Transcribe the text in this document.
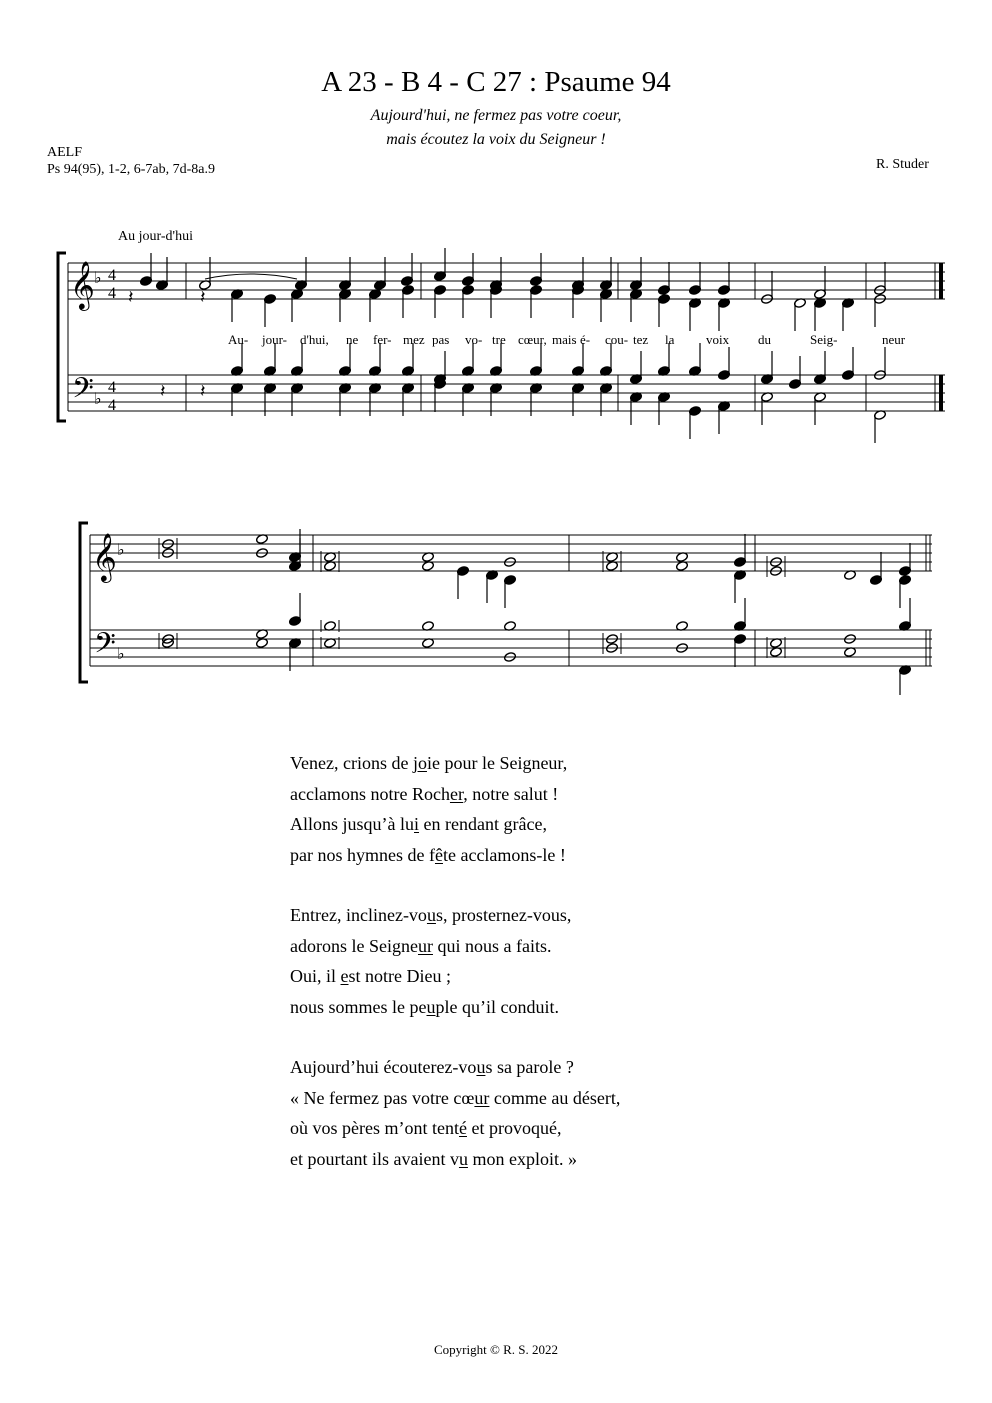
A 23 - B 4 - C 27 : Psaume 94
Aujourd'hui, ne fermez pas votre coeur,
mais écoutez la voix du Seigneur !
AELF
Ps 94(95), 1-2, 6-7ab, 7d-8a.9	R. Studer
𝄞
𝄢
♭
♭
4
4
4
4
𝄽	𝄽
𝄽 𝄽
𝄞
𝄢
♭
♭
Au jour-d'hui
Au- jour- d'hui, ne fer- mez pas vo- tre cœur, mais é- cou- tez la voix du	Seig-	neur
Venez, crions de joie pour le Seigneur,
acclamons notre Rocher, notre salut !
Allons jusqu’à lui en rendant grâce,
par nos hymnes de fête acclamons-le !
Entrez, inclinez-vous, prosternez-vous,
adorons le Seigneur qui nous a faits.
Oui, il est notre Dieu ;
nous sommes le peuple qu’il conduit.
Aujourd’hui écouterez-vous sa parole ?
« Ne fermez pas votre cœur comme au désert,
où vos pères m’ont tenté et provoqué,
et pourtant ils avaient vu mon exploit. »
Copyright © R. S. 2022
